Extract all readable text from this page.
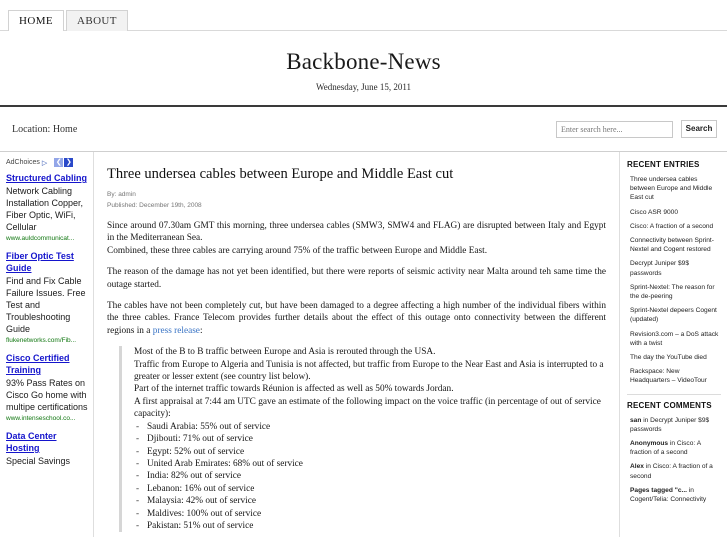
HOME	ABOUT
Backbone-News

Wednesday, June 15, 2011

Location: Home
Enter search here...	Search
AdChoices ▷ ❮ ❯
Structured Cabling
Network Cabling Installation Copper, Fiber Optic, WiFi, Cellular
www.auldcommunicat...
Fiber Optic Test Guide
Find and Fix Cable Failure Issues. Free Test and Troubleshooting Guide
flukenetworks.com/Fib...
Cisco Certified Training
93% Pass Rates on Cisco Go home with multipe certifications
www.intenseschool.co...
Data Center Hosting
Special Savings
Three undersea cables between Europe and Middle East cut
By: admin
Published: December 19th, 2008

Since around 07.30am GMT this morning, three undersea cables (SMW3, SMW4 and FLAG) are disrupted between Italy and Egypt in the Mediterranean Sea.
Combined, these three cables are carrying around 75% of the traffic between Europe and Middle East.

The reason of the damage has not yet been identified, but there were reports of seismic activity near Malta around teh same time the outage started.

The cables have not been completely cut, but have been damaged to a degree affecting a high number of the individual fibers within the three cables. France Telecom provides further details about the effect of this outage onto connectivity between the different regions in a press release:

Most of the B to B traffic between Europe and Asia is rerouted through the USA.

Traffic from Europe to Algeria and Tunisia is not affected, but traffic from Europe to the Near East and Asia is interrupted to a greater or lesser extent (see country list below).

Part of the internet traffic towards Réunion is affected as well as 50% towards Jordan.

A first appraisal at 7:44 am UTC gave an estimate of the following impact on the voice traffic (in percentage of out of service capacity):

- Saudi Arabia: 55% out of service
- Djibouti: 71% out of service
- Egypt: 52% out of service
- United Arab Emirates: 68% out of service
- India: 82% out of service
- Lebanon: 16% out of service
- Malaysia: 42% out of service
- Maldives: 100% out of service
- Pakistan: 51% out of service
RECENT ENTRIES
Three undersea cables between Europe and Middle East cut
Cisco ASR 9000
Cisco: A fraction of a second
Connectivity between Sprint-Nextel and Cogent restored
Decrypt Juniper $9$ passwords
Sprint-Nextel: The reason for the de-peering
Sprint-Nextel depeers Cogent (updated)
Revision3.com – a DoS attack with a twist
The day the YouTube died
Rackspace: New Headquarters – VideoTour
RECENT COMMENTS
san in Decrypt Juniper $9$ passwords
Anonymous in Cisco: A fraction of a second
Alex in Cisco: A fraction of a second
Pages tagged "c... in Cogent/Telia: Connectivity
